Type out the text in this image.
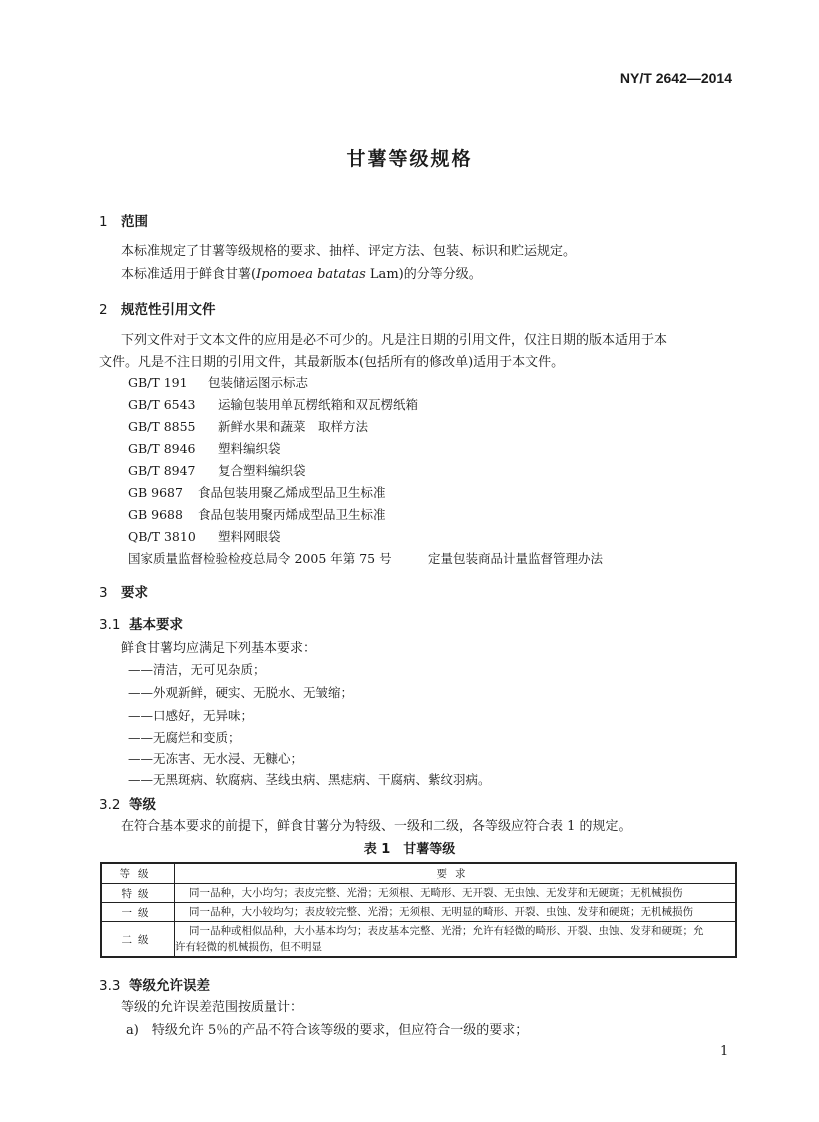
NY/T 2642—2014
甘薯等级规格
1 范围
本标准规定了甘薯等级规格的要求、抽样、评定方法、包装、标识和贮运规定。
本标准适用于鲜食甘薯(Ipomoea batatas Lam)的分等分级。
2 规范性引用文件
下列文件对于文本文件的应用是必不可少的。凡是注日期的引用文件，仅注日期的版本适用于本
文件。凡是不注日期的引用文件，其最新版本(包括所有的修改单)适用于本文件。
GB/T 191 包装储运图示标志
GB/T 6543 运输包装用单瓦楞纸箱和双瓦楞纸箱
GB/T 8855 新鲜水果和蔬菜　取样方法
GB/T 8946 塑料编织袋
GB/T 8947 复合塑料编织袋
GB 9687 食品包装用聚乙烯成型品卫生标准
GB 9688 食品包装用聚丙烯成型品卫生标准
QB/T 3810 塑料网眼袋
国家质量监督检验检疫总局令 2005 年第 75 号	定量包装商品计量监督管理办法
3 要求
3.1 基本要求
鲜食甘薯均应满足下列基本要求：
——清洁，无可见杂质；
——外观新鲜，硬实、无脱水、无皱缩；
——口感好，无异味；
——无腐烂和变质；
——无冻害、无水浸、无糠心；
——无黑斑病、软腐病、茎线虫病、黑痣病、干腐病、紫纹羽病。
3.2 等级
在符合基本要求的前提下，鲜食甘薯分为特级、一级和二级，各等级应符合表 1 的规定。
表 1　甘薯等级
等级	要求
特级	同一品种，大小均匀；表皮完整、光滑；无须根、无畸形、无开裂、无虫蚀、无发芽和无硬斑；无机械损伤
一级	同一品种，大小较均匀；表皮较完整、光滑；无须根、无明显的畸形、开裂、虫蚀、发芽和硬斑；无机械损伤
二级	同一品种或相似品种，大小基本均匀；表皮基本完整、光滑；允许有轻微的畸形、开裂、虫蚀、发芽和硬斑；允
许有轻微的机械损伤，但不明显
3.3 等级允许误差
等级的允许误差范围按质量计：
a)　特级允许 5％的产品不符合该等级的要求，但应符合一级的要求；
1
